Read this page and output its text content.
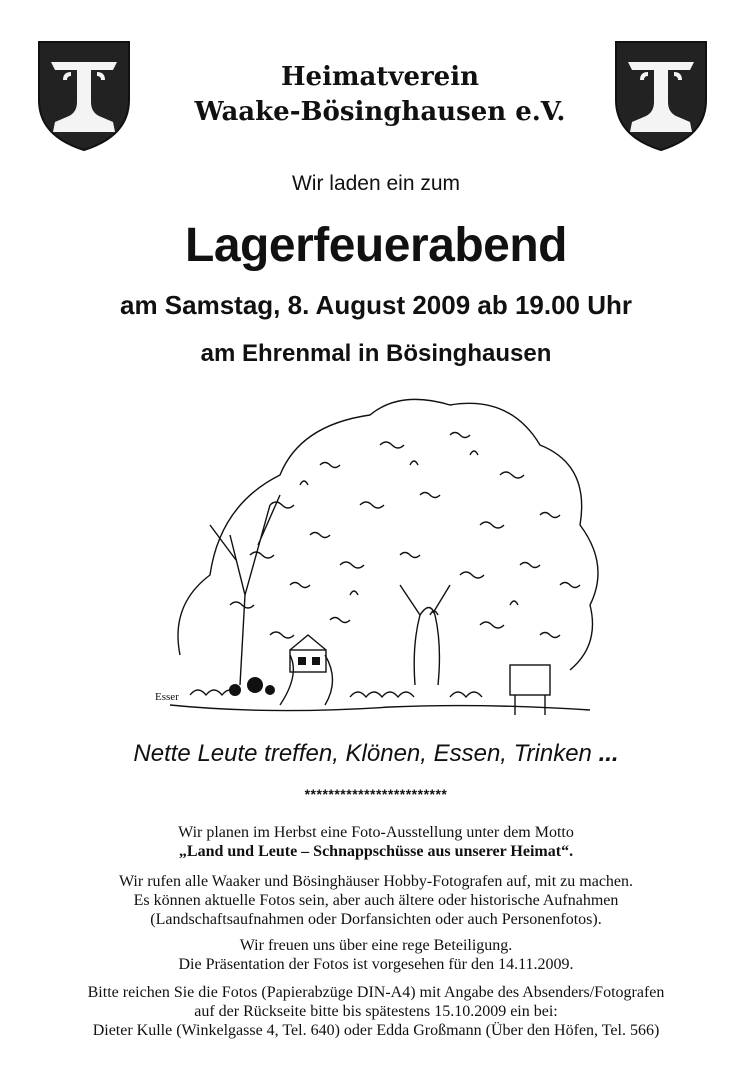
Heimatverein
Waake-Bösinghausen e.V.
Wir laden ein zum
Lagerfeuerabend
am Samstag, 8. August 2009 ab 19.00 Uhr
am Ehrenmal in Bösinghausen
Esser
Nette Leute treffen, Klönen, Essen, Trinken ...
************************
Wir planen im Herbst eine Foto-Ausstellung unter dem Motto
„Land und Leute – Schnappschüsse aus unserer Heimat“.
Wir rufen alle Waaker und Bösinghäuser Hobby-Fotografen auf, mit zu machen.
Es können aktuelle Fotos sein, aber auch ältere oder historische Aufnahmen
(Landschaftsaufnahmen oder Dorfansichten oder auch Personenfotos).
Wir freuen uns über eine rege Beteiligung.
Die Präsentation der Fotos ist vorgesehen für den 14.11.2009.
Bitte reichen Sie die Fotos (Papierabzüge DIN-A4) mit Angabe des Absenders/Fotografen
auf der Rückseite bitte bis spätestens 15.10.2009 ein bei:
Dieter Kulle (Winkelgasse 4, Tel. 640) oder Edda Großmann (Über den Höfen, Tel. 566)
